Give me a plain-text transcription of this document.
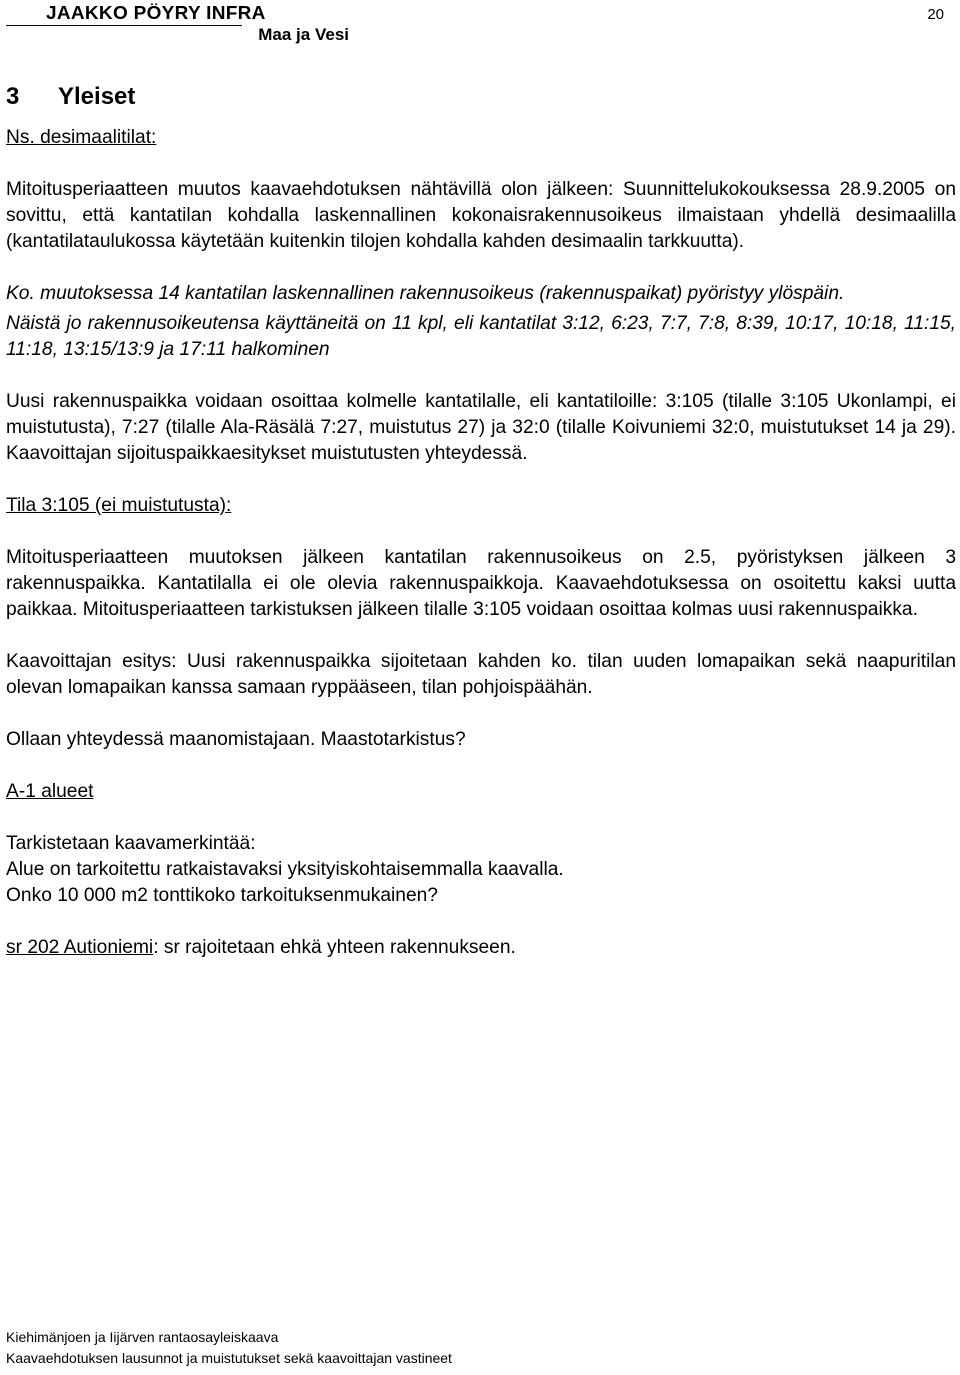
JAAKKO PÖYRY INFRA
Maa ja Vesi
20
3 Yleiset

Ns. desimaalitilat:

Mitoitusperiaatteen muutos kaavaehdotuksen nähtävillä olon jälkeen: Suunnittelukokouksessa 28.9.2005 on sovittu, että kantatilan kohdalla laskennallinen kokonaisrakennusoikeus ilmaistaan yhdellä desimaalilla (kantatilataulukossa käytetään kuitenkin tilojen kohdalla kahden desimaalin tarkkuutta).

Ko. muutoksessa 14 kantatilan laskennallinen rakennusoikeus (rakennuspaikat) pyöristyy ylöspäin.

Näistä jo rakennusoikeutensa käyttäneitä on 11 kpl, eli kantatilat 3:12, 6:23, 7:7, 7:8, 8:39, 10:17, 10:18, 11:15, 11:18, 13:15/13:9 ja 17:11 halkominen

Uusi rakennuspaikka voidaan osoittaa kolmelle kantatilalle, eli kantatiloille: 3:105 (tilalle 3:105 Ukonlampi, ei muistutusta), 7:27 (tilalle Ala-Räsälä 7:27, muistutus 27) ja 32:0 (tilalle Koivuniemi 32:0, muistutukset 14 ja 29). Kaavoittajan sijoituspaikkaesitykset muistutusten yhteydessä.

Tila 3:105 (ei muistutusta):

Mitoitusperiaatteen muutoksen jälkeen kantatilan rakennusoikeus on 2.5, pyöristyksen jälkeen 3 rakennuspaikka. Kantatilalla ei ole olevia rakennuspaikkoja. Kaavaehdotuksessa on osoitettu kaksi uutta paikkaa. Mitoitusperiaatteen tarkistuksen jälkeen tilalle 3:105 voidaan osoittaa kolmas uusi rakennuspaikka.

Kaavoittajan esitys: Uusi rakennuspaikka sijoitetaan kahden ko. tilan uuden lomapaikan sekä naapuritilan olevan lomapaikan kanssa samaan ryppääseen, tilan pohjoispäähän.

Ollaan yhteydessä maanomistajaan. Maastotarkistus?

A-1 alueet

Tarkistetaan kaavamerkintää:
Alue on tarkoitettu ratkaistavaksi yksityiskohtaisemmalla kaavalla.
Onko 10 000 m2 tonttikoko tarkoituksenmukainen?
sr 202 Autioniemi: sr rajoitetaan ehkä yhteen rakennukseen.
Kiehimänjoen ja Iijärven rantaosayleiskaava
Kaavaehdotuksen lausunnot ja muistutukset sekä kaavoittajan vastineet
